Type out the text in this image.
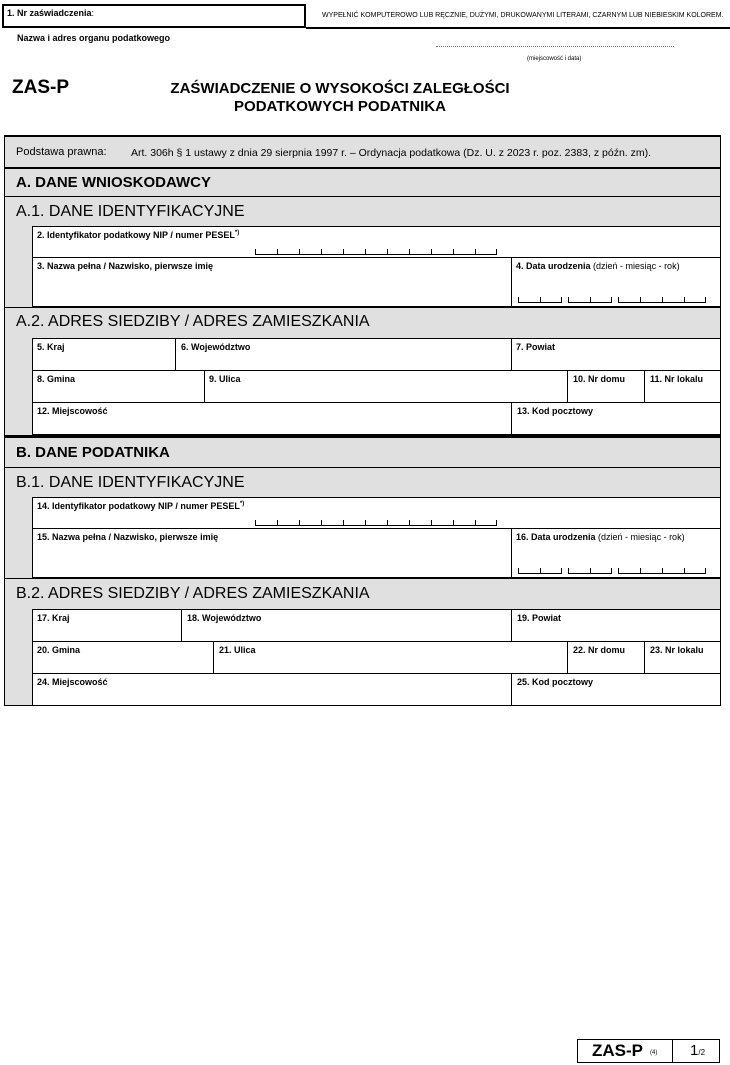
1. Nr zaświadczenia:	WYPEŁNIĆ KOMPUTEROWO LUB RĘCZNIE, DUŻYMI, DRUKOWANYMI LITERAMI, CZARNYM LUB NIEBIESKIM KOLOREM.
Nazwa i adres organu podatkowego
(miejscowość i data)
ZAS-P	ZAŚWIADCZENIE O WYSOKOŚCI ZALEGŁOŚCI
PODATKOWYCH PODATNIKA
Podstawa prawna: Art. 306h § 1 ustawy z dnia 29 sierpnia 1997 r. – Ordynacja podatkowa (Dz. U. z 2023 r. poz. 2383, z późn. zm).
A. DANE WNIOSKODAWCY
A.1. DANE IDENTYFIKACYJNE
2. Identyfikator podatkowy NIP / numer PESEL*)
3. Nazwa pełna / Nazwisko, pierwsze imię	4. Data urodzenia (dzień - miesiąc - rok)
A.2. ADRES SIEDZIBY / ADRES ZAMIESZKANIA
5. Kraj	6. Województwo	7. Powiat
8. Gmina	9. Ulica	10. Nr domu	11. Nr lokalu
12. Miejscowość	13. Kod pocztowy
B. DANE PODATNIKA
B.1. DANE IDENTYFIKACYJNE
14. Identyfikator podatkowy NIP / numer PESEL*)
15. Nazwa pełna / Nazwisko, pierwsze imię	16. Data urodzenia (dzień - miesiąc - rok)
B.2. ADRES SIEDZIBY / ADRES ZAMIESZKANIA
17. Kraj	18. Województwo	19. Powiat
20. Gmina	21. Ulica	22. Nr domu	23. Nr lokalu
24. Miejscowość	25. Kod pocztowy
ZAS-P (4) 1/2
